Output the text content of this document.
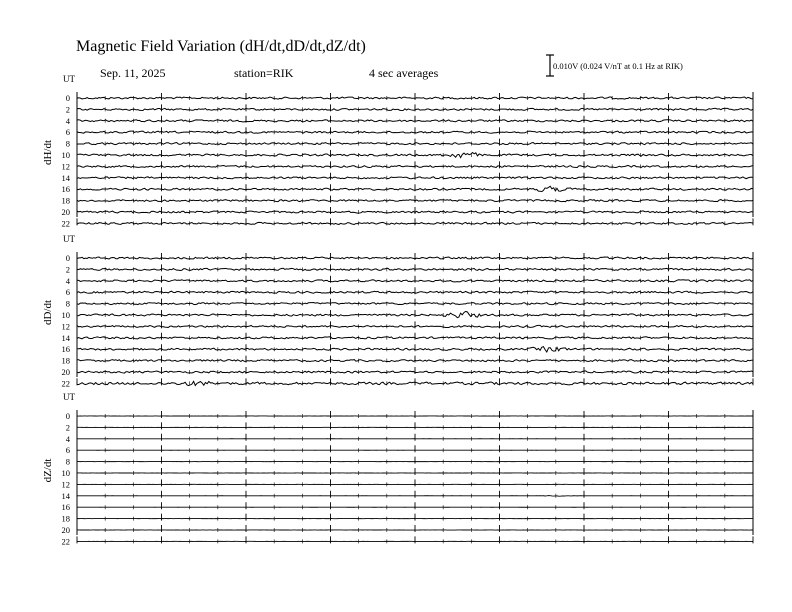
Magnetic Field Variation (dH/dt,dD/dt,dZ/dt)
Sep. 11, 2025	station=RIK	4 sec averages	0.010V (0.024 V/nT at 0.1 Hz at RIK)
UT
dH/dt
0
2
4
6
8
10
12
14
16
18
20
22
UT
dD/dt
0
2
4
6
8
10
12
14
16
18
20
22
UT
dZ/dt
0
2
4
6
8
10
12
14
16
18
20
22
